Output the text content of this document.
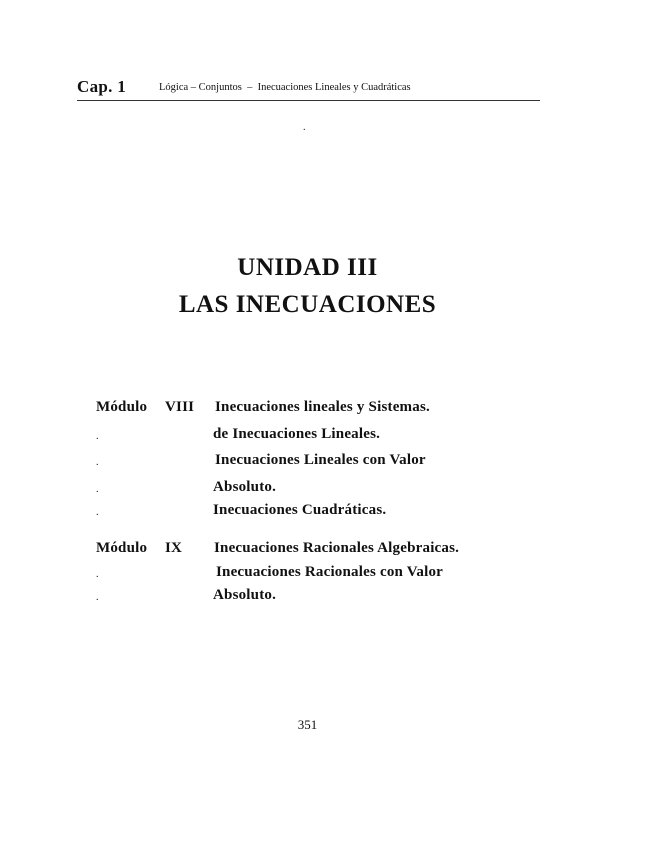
Cap. 1	Lógica – Conjuntos  –  Inecuaciones Lineales y Cuadráticas
.
UNIDAD III
LAS INECUACIONES
Módulo VIII Inecuaciones lineales y Sistemas.
.	de Inecuaciones Lineales.
.	Inecuaciones Lineales con Valor
.	Absoluto.
.	Inecuaciones Cuadráticas.
Módulo IX Inecuaciones Racionales Algebraicas.
.	Inecuaciones Racionales con Valor
.	Absoluto.
351
